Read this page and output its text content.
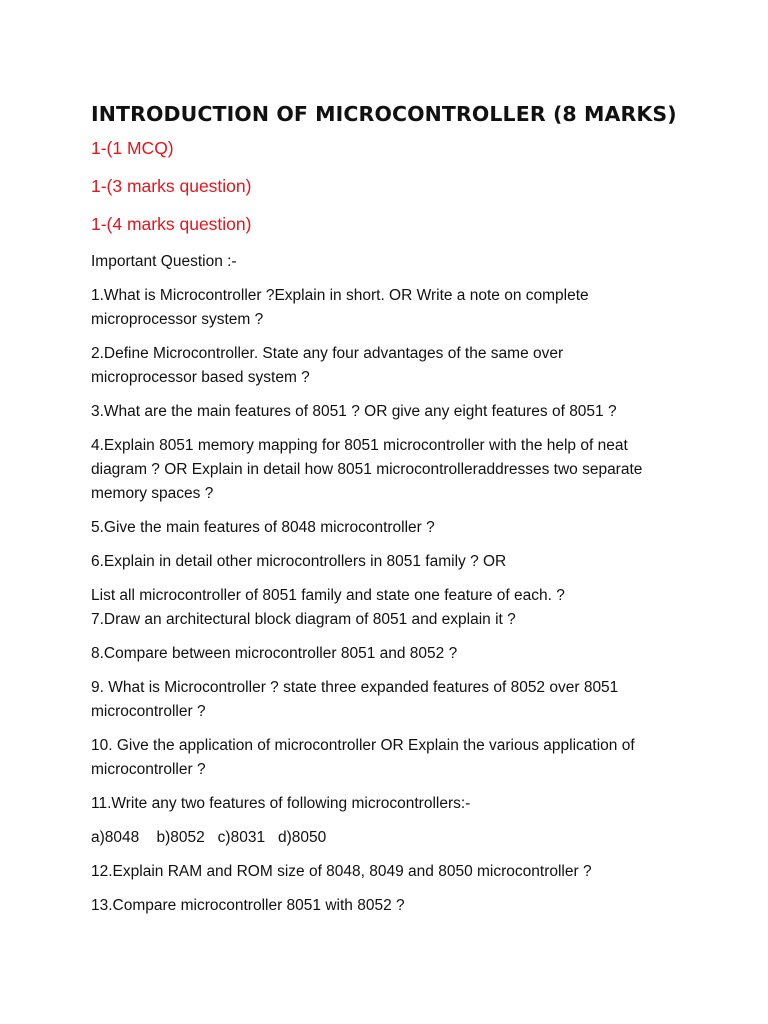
INTRODUCTION OF MICROCONTROLLER (8 MARKS)
1-(1 MCQ)
1-(3 marks question)
1-(4 marks question)

Important Question :-

1.What is Microcontroller ?Explain in short. OR Write a note on complete
microprocessor system ?
2.Define Microcontroller. State any four advantages of the same over
microprocessor based system ?
3.What are the main features of 8051 ? OR give any eight features of 8051 ?
4.Explain 8051 memory mapping for 8051 microcontroller with the help of neat
diagram ? OR Explain in detail how 8051 microcontrolleraddresses two separate
memory spaces ?
5.Give the main features of 8048 microcontroller ?
6.Explain in detail other microcontrollers in 8051 family ? OR
List all microcontroller of 8051 family and state one feature of each. ?
7.Draw an architectural block diagram of 8051 and explain it ?
8.Compare between microcontroller 8051 and 8052 ?
9. What is Microcontroller ? state three expanded features of 8052 over 8051
microcontroller ?
10. Give the application of microcontroller OR Explain the various application of
microcontroller ?
11.Write any two features of following microcontrollers:-
a)8048    b)8052   c)8031   d)8050
12.Explain RAM and ROM size of 8048, 8049 and 8050 microcontroller ?
13.Compare microcontroller 8051 with 8052 ?
